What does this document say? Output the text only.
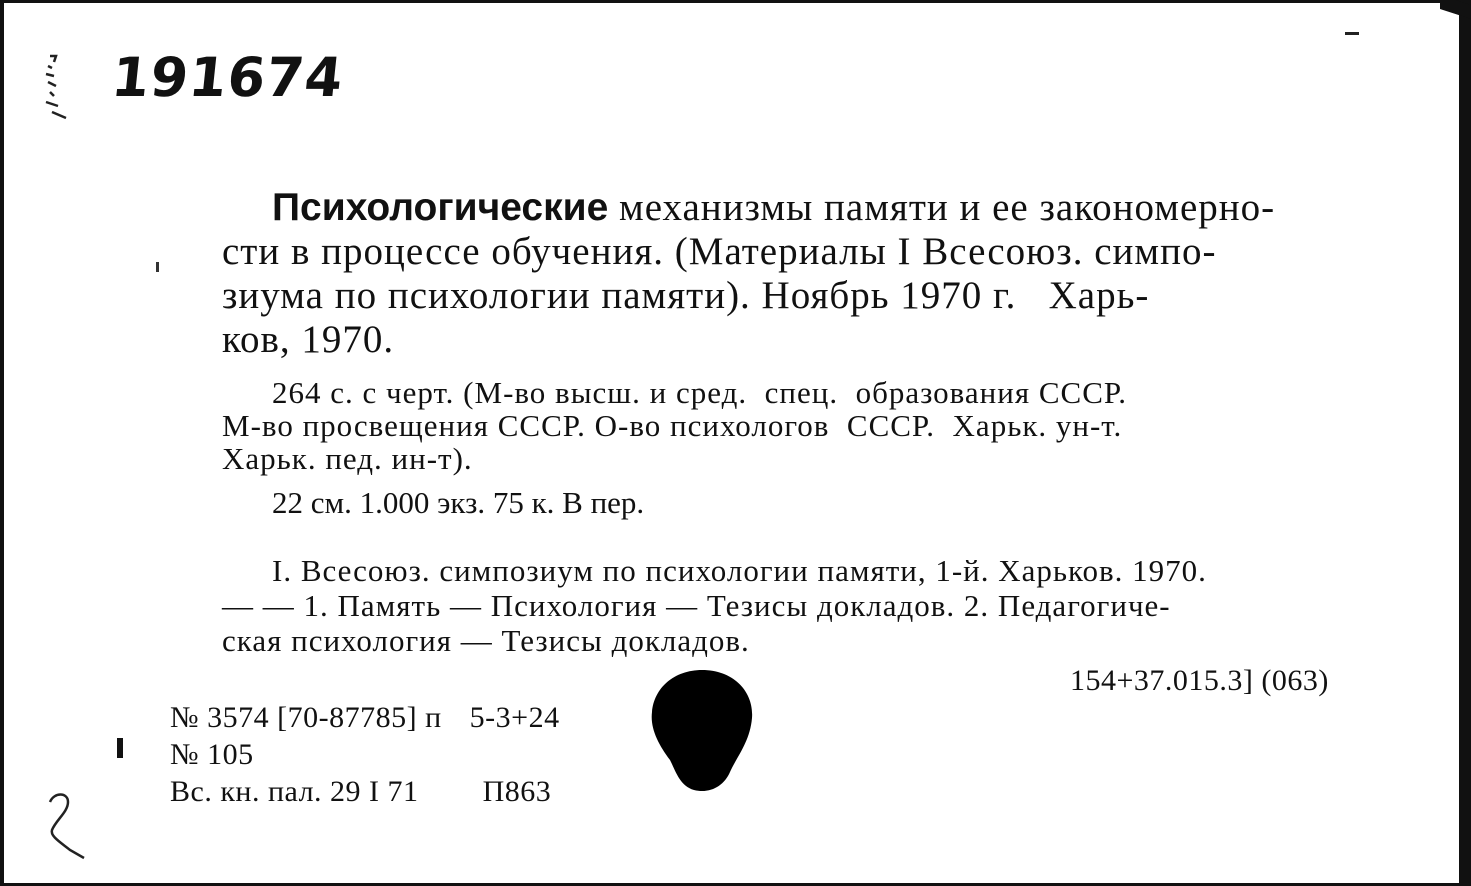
191674
Психологические механизмы памяти и ее закономерно-
сти в процессе обучения. (Материалы I Всесоюз. симпо-
зиума по психологии памяти). Ноябрь 1970 г.   Харь-
ков, 1970.
264 с. с черт. (М-во высш. и сред.  спец.  образования СССР.
М-во просвещения СССР. О-во психологов  СССР.  Харьк. ун-т.
Харьк. пед. ин-т).
22 см. 1.000 экз. 75 к. В пер.
I. Всесоюз. симпозиум по психологии памяти, 1-й. Харьков. 1970.
— — 1. Память — Психология — Тезисы докладов. 2. Педагогиче-
ская психология — Тезисы докладов.
154+37.015.3] (063)
№ 3574 [70-87785] п 5-3+24
№ 105
Вс. кн. пал. 29 I 71 П863
